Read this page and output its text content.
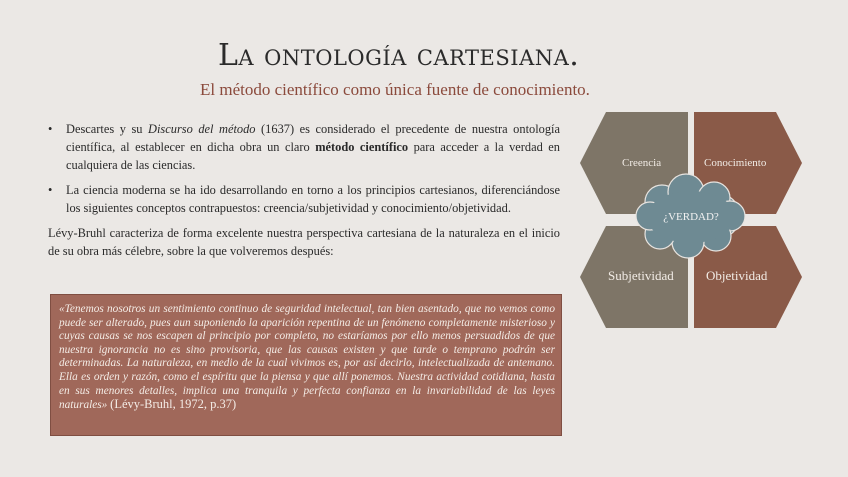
La ontología cartesiana.
El método científico como única fuente de conocimiento.
• Descartes y su Discurso del método (1637) es considerado el precedente de nuestra ontología científica, al establecer en dicha obra un claro método científico para acceder a la verdad en cualquiera de las ciencias.
• La ciencia moderna se ha ido desarrollando en torno a los principios cartesianos, diferenciándose los siguientes conceptos contrapuestos: creencia/subjetividad y conocimiento/objetividad.
Lévy-Bruhl caracteriza de forma excelente nuestra perspectiva cartesiana de la naturaleza en el inicio de su obra más célebre, sobre la que volveremos después:
«Tenemos nosotros un sentimiento continuo de seguridad intelectual, tan bien asentado, que no vemos como puede ser alterado, pues aun suponiendo la aparición repentina de un fenómeno completamente misterioso y cuyas causas se nos escapen al principio por completo, no estaríamos por ello menos persuadidos de que nuestra ignorancia no es sino provisoria, que las causas existen y que tarde o temprano podrán ser determinadas. La naturaleza, en medio de la cual vivimos es, por así decirlo, intelectualizada de antemano. Ella es orden y razón, como el espíritu que la piensa y que allí ponemos. Nuestra actividad cotidiana, hasta en sus menores detalles, implica una tranquila y perfecta confianza en la invariabilidad de las leyes naturales» (Lévy-Bruhl, 1972, p.37)
Creencia	Conocimiento
Subjetividad Objetividad
¿VERDAD?
